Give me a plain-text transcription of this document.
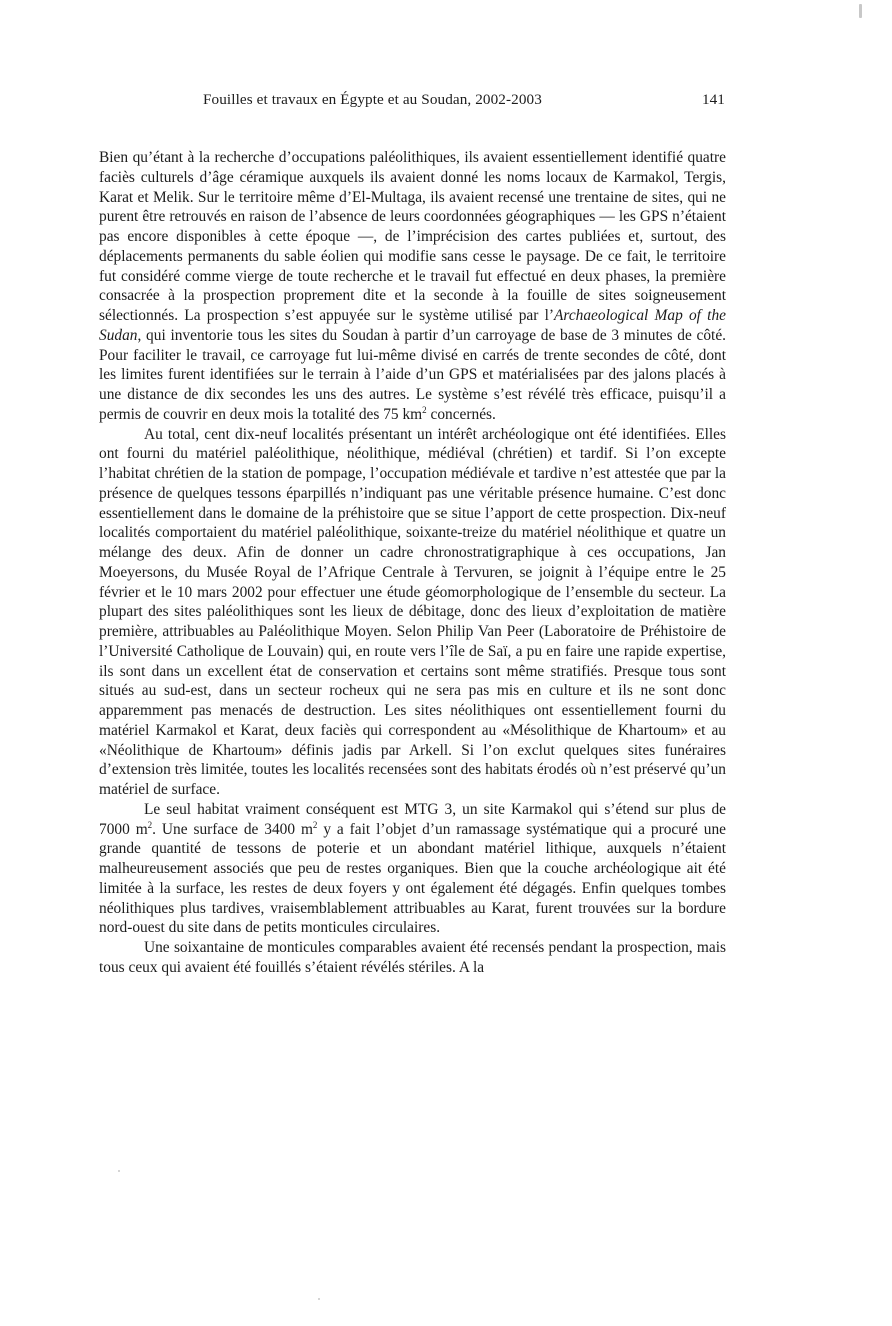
Fouilles et travaux en Égypte et au Soudan, 2002-2003	141

Bien qu’étant à la recherche d’occupations paléolithiques, ils avaient essentiellement identifié quatre faciès culturels d’âge céramique auxquels ils avaient donné les noms locaux de Karmakol, Tergis, Karat et Melik. Sur le territoire même d’El-Multaga, ils avaient recensé une trentaine de sites, qui ne purent être retrouvés en raison de l’absence de leurs coordonnées géographiques — les GPS n’étaient pas encore disponibles à cette époque —, de l’imprécision des cartes publiées et, surtout, des déplacements permanents du sable éolien qui modifie sans cesse le paysage. De ce fait, le territoire fut considéré comme vierge de toute recherche et le travail fut effectué en deux phases, la première consacrée à la prospection proprement dite et la seconde à la fouille de sites soigneusement sélectionnés. La prospection s’est appuyée sur le système utilisé par l’Archaeological Map of the Sudan, qui inventorie tous les sites du Soudan à partir d’un carroyage de base de 3 minutes de côté. Pour faciliter le travail, ce carroyage fut lui-même divisé en carrés de trente secondes de côté, dont les limites furent identifiées sur le terrain à l’aide d’un GPS et matérialisées par des jalons placés à une distance de dix secondes les uns des autres. Le système s’est révélé très efficace, puisqu’il a permis de couvrir en deux mois la totalité des 75 $km^2$ concernés.

Au total, cent dix-neuf localités présentant un intérêt archéologique ont été identifiées. Elles ont fourni du matériel paléolithique, néolithique, médiéval (chrétien) et tardif. Si l’on excepte l’habitat chrétien de la station de pompage, l’occupation médiévale et tardive n’est attestée que par la présence de quelques tessons éparpillés n’indiquant pas une véritable présence humaine. C’est donc essentiellement dans le domaine de la préhistoire que se situe l’apport de cette prospection. Dix-neuf localités comportaient du matériel paléolithique, soixante-treize du matériel néolithique et quatre un mélange des deux. Afin de donner un cadre chronostratigraphique à ces occupations, Jan Moeyersons, du Musée Royal de l’Afrique Centrale à Tervuren, se joignit à l’équipe entre le 25 février et le 10 mars 2002 pour effectuer une étude géomorphologique de l’ensemble du secteur. La plupart des sites paléolithiques sont les lieux de débitage, donc des lieux d’exploitation de matière première, attribuables au Paléolithique Moyen. Selon Philip Van Peer (Laboratoire de Préhistoire de l’Université Catholique de Louvain) qui, en route vers l’île de Saï, a pu en faire une rapide expertise, ils sont dans un excellent état de conservation et certains sont même stratifiés. Presque tous sont situés au sud-est, dans un secteur rocheux qui ne sera pas mis en culture et ils ne sont donc apparemment pas menacés de destruction. Les sites néolithiques ont essentiellement fourni du matériel Karmakol et Karat, deux faciès qui correspondent au «Mésolithique de Khartoum» et au «Néolithique de Khartoum» définis jadis par Arkell. Si l’on exclut quelques sites funéraires d’extension très limitée, toutes les localités recensées sont des habitats érodés où n’est préservé qu’un matériel de surface.

Le seul habitat vraiment conséquent est MTG 3, un site Karmakol qui s’étend sur plus de 7000 $m^2$. Une surface de 3400 $m^2$ y a fait l’objet d’un ramassage systématique qui a procuré une grande quantité de tessons de poterie et un abondant matériel lithique, auxquels n’étaient malheureusement associés que peu de restes organiques. Bien que la couche archéologique ait été limitée à la surface, les restes de deux foyers y ont également été dégagés. Enfin quelques tombes néolithiques plus tardives, vraisemblablement attribuables au Karat, furent trouvées sur la bordure nord-ouest du site dans de petits monticules circulaires.

Une soixantaine de monticules comparables avaient été recensés pendant la prospection, mais tous ceux qui avaient été fouillés s’étaient révélés stériles. A la
